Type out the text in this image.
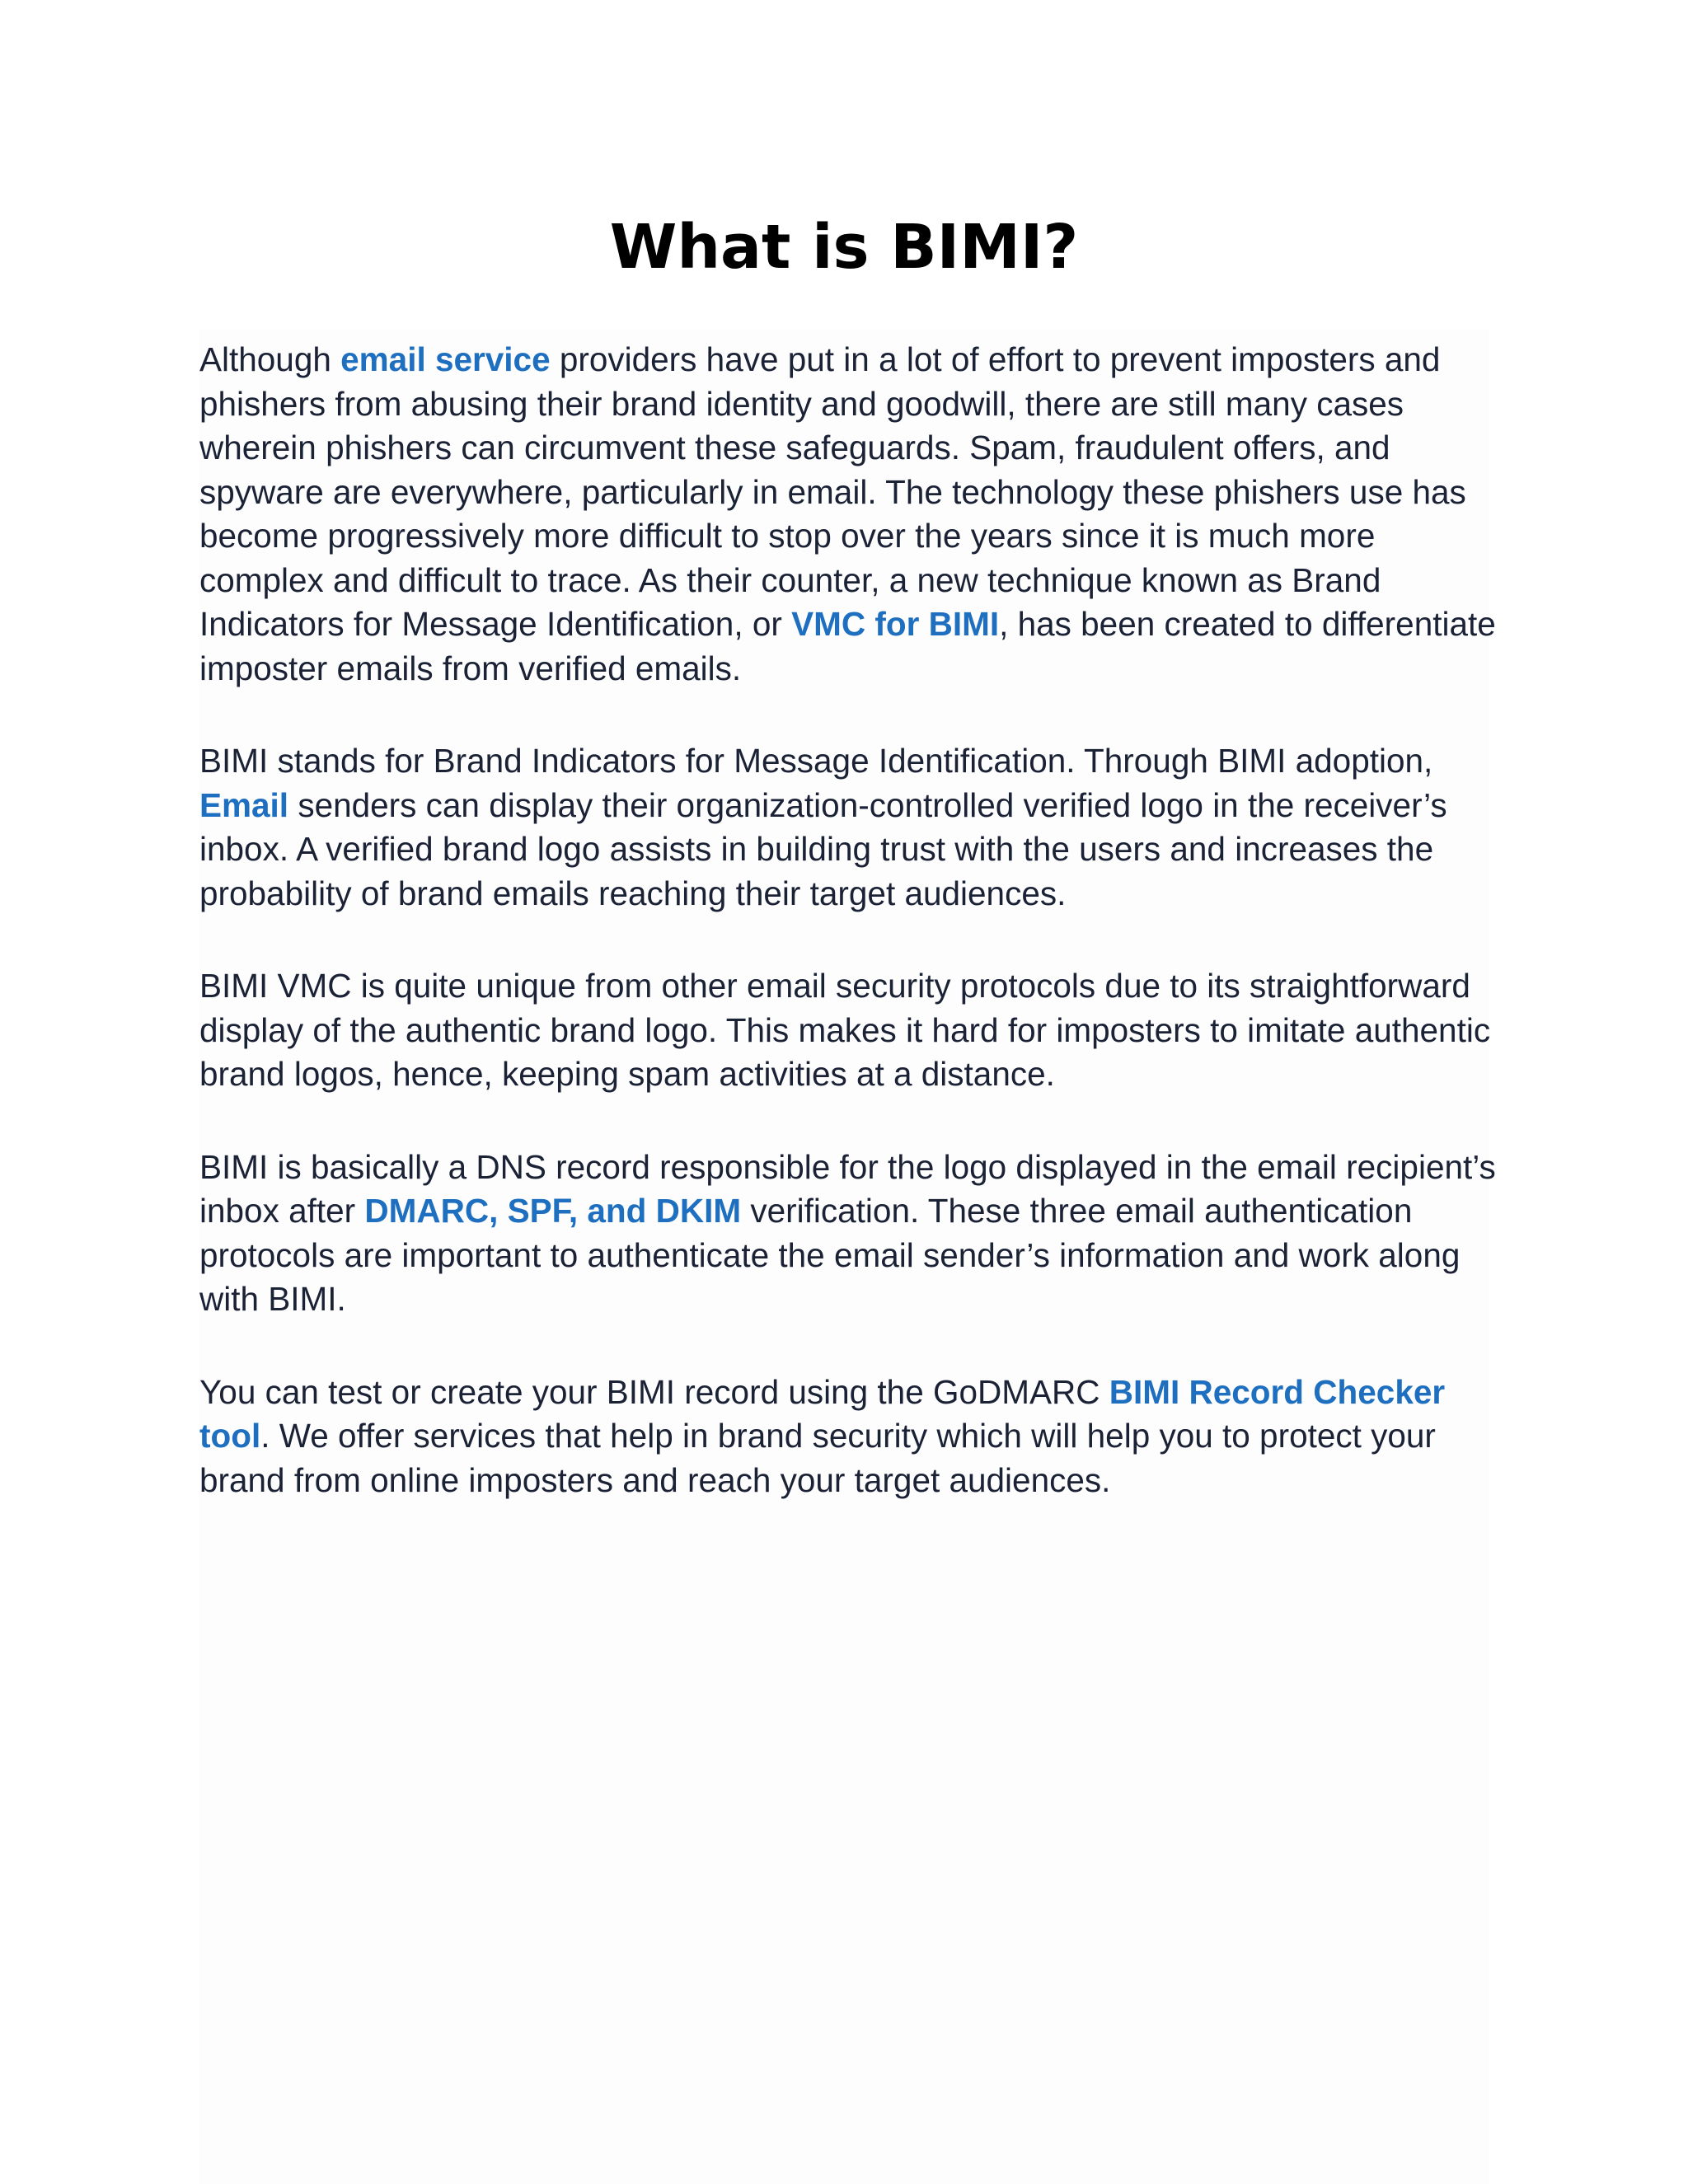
What is BIMI?

Although email service providers have put in a lot of effort to prevent imposters and phishers from abusing their brand identity and goodwill, there are still many cases wherein phishers can circumvent these safeguards. Spam, fraudulent offers, and spyware are everywhere, particularly in email. The technology these phishers use has become progressively more difficult to stop over the years since it is much more complex and difficult to trace. As their counter, a new technique known as Brand Indicators for Message Identification, or VMC for BIMI, has been created to differentiate imposter emails from verified emails.

BIMI stands for Brand Indicators for Message Identification. Through BIMI adoption, Email senders can display their organization-controlled verified logo in the receiver’s inbox. A verified brand logo assists in building trust with the users and increases the probability of brand emails reaching their target audiences.

BIMI VMC is quite unique from other email security protocols due to its straightforward display of the authentic brand logo. This makes it hard for imposters to imitate authentic brand logos, hence, keeping spam activities at a distance.

BIMI is basically a DNS record responsible for the logo displayed in the email recipient’s inbox after DMARC, SPF, and DKIM verification. These three email authentication protocols are important to authenticate the email sender’s information and work along with BIMI.

You can test or create your BIMI record using the GoDMARC BIMI Record Checker tool. We offer services that help in brand security which will help you to protect your brand from online imposters and reach your target audiences.
